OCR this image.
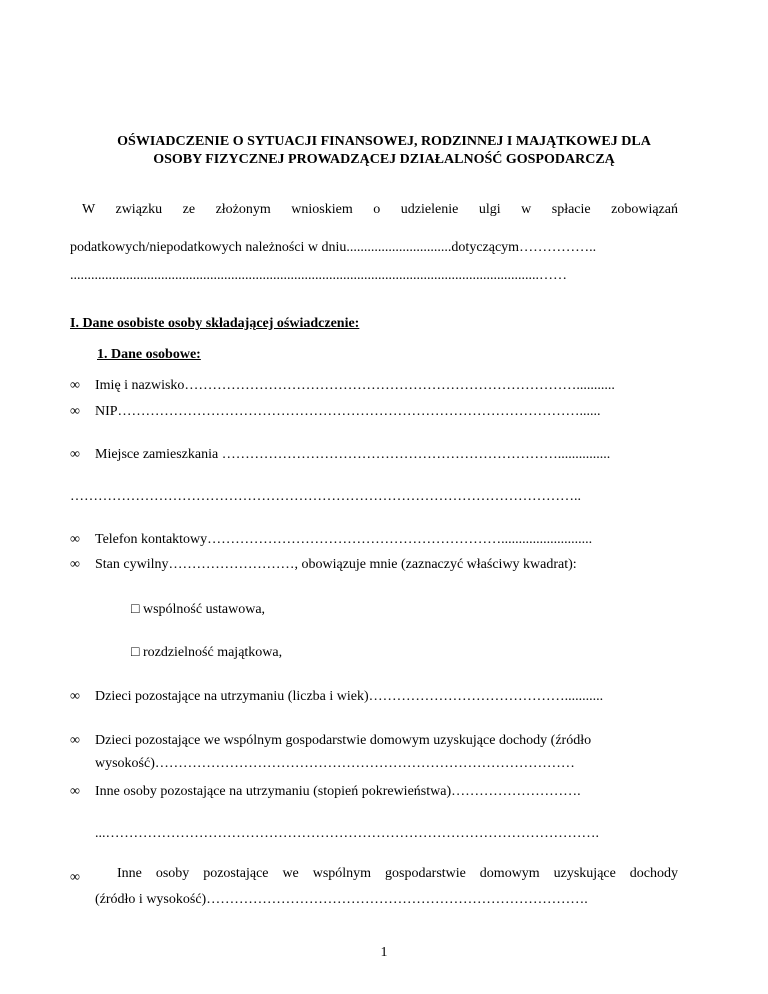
OŚWIADCZENIE O SYTUACJI FINANSOWEJ, RODZINNEJ I MAJĄTKOWEJ DLA
OSOBY FIZYCZNEJ PROWADZĄCEJ DZIAŁALNOŚĆ GOSPODARCZĄ
W związku ze złożonym wnioskiem o udzielenie ulgi w spłacie zobowiązań
podatkowych/niepodatkowych należności w dniu..............................dotyczącym……………..
......................................................................................................................................……
I. Dane osobiste osoby składającej oświadczenie:
1. Dane osobowe:
∞ Imię i nazwisko…………………………………………………………………………...........
∞ NIP………………………………………………………………………………………......
∞ Miejsce zamieszkania ………………………………………………………………...............
………………………………………………………………………………………………..
∞ Telefon kontaktowy………………………………………………………..........................
∞ Stan cywilny………………………, obowiązuje mnie (zaznaczyć właściwy kwadrat):
□ wspólność ustawowa,
□ rozdzielność majątkowa,
∞ Dzieci pozostające na utrzymaniu (liczba i wiek)……………………………………...........
∞ Dzieci pozostające we wspólnym gospodarstwie domowym uzyskujące dochody (źródło
wysokość)………………………………………………………………………………
∞ Inne osoby pozostające na utrzymaniu (stopień pokrewieństwa)……………………….
...…………………………………………………………………………………………….
∞	Inne osoby pozostające we wspólnym gospodarstwie domowym uzyskujące dochody
(źródło i wysokość)……………………………………………………………………….
1
